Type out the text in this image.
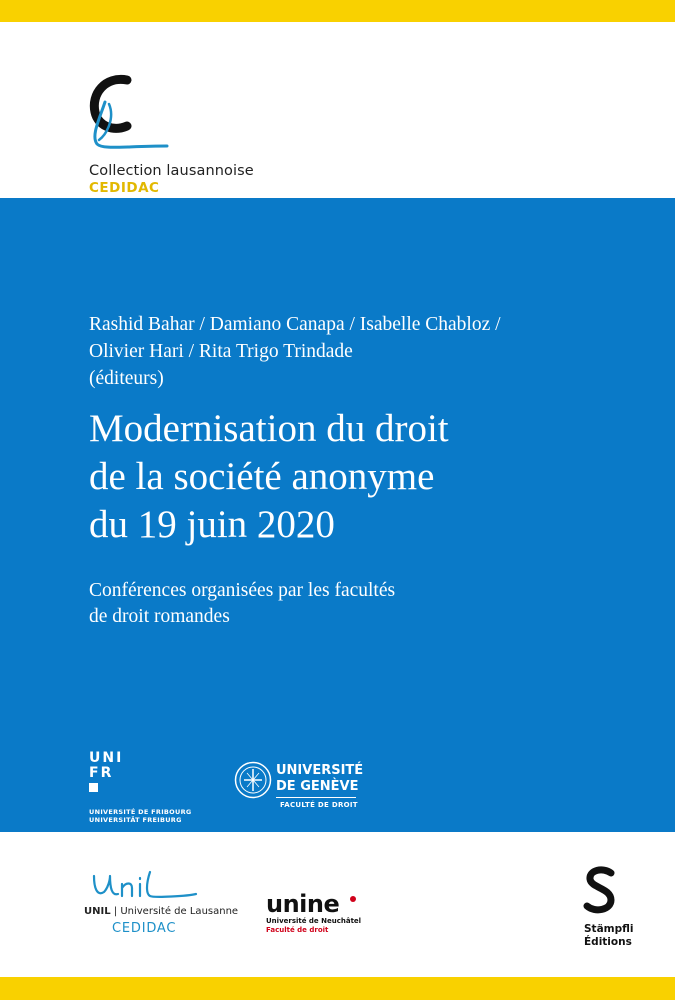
Collection lausannoise
CEDIDAC
Rashid Bahar / Damiano Canapa / Isabelle Chabloz /
Olivier Hari / Rita Trigo Trindade
(éditeurs)
Modernisation du droit
de la société anonyme
du 19 juin 2020
Conférences organisées par les facultés
de droit romandes
UNI
FR
UNIVERSITÉ DE FRIBOURG
UNIVERSITÄT FREIBURG
UNIVERSITÉ
DE GENÈVE
FACULTÉ DE DROIT
UNIL | Université de Lausanne
CEDIDAC
unine
Université de Neuchâtel
Faculté de droit	Stämpfli
Éditions
